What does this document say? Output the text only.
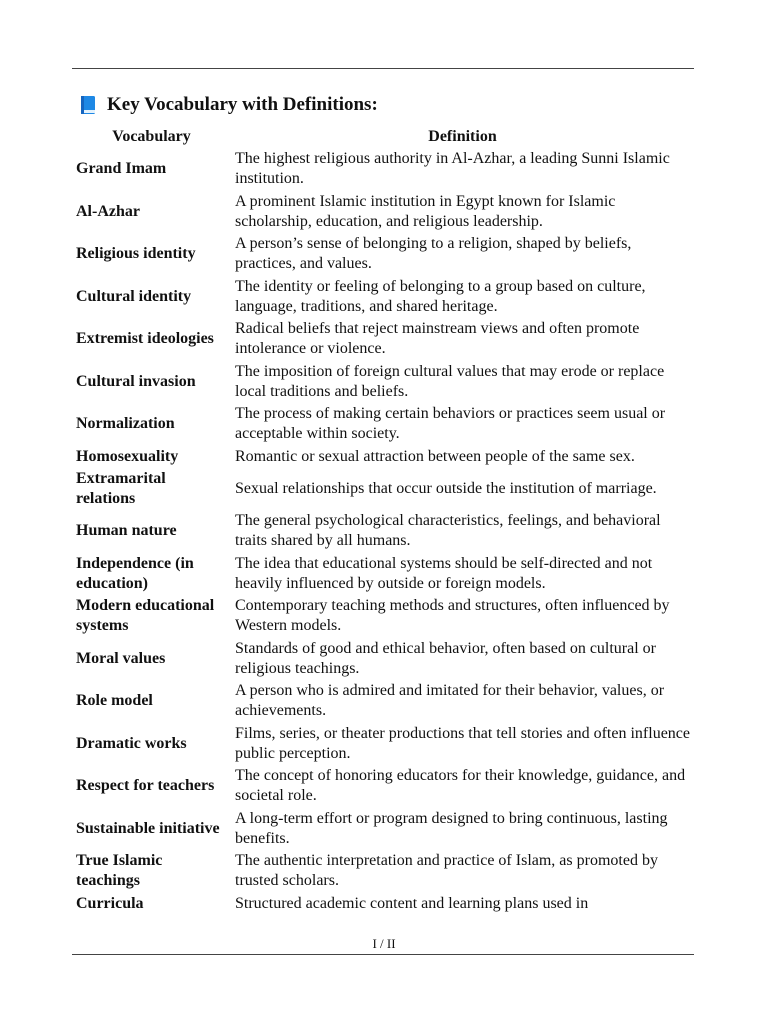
Key Vocabulary with Definitions:
Vocabulary	Definition
Grand Imam	The highest religious authority in Al-Azhar, a leading Sunni Islamic institution.
Al-Azhar	A prominent Islamic institution in Egypt known for Islamic scholarship, education, and religious leadership.
Religious identity	A person’s sense of belonging to a religion, shaped by beliefs, practices, and values.
Cultural identity	The identity or feeling of belonging to a group based on culture, language, traditions, and shared heritage.
Extremist ideologies	Radical beliefs that reject mainstream views and often promote intolerance or violence.
Cultural invasion	The imposition of foreign cultural values that may erode or replace local traditions and beliefs.
Normalization	The process of making certain behaviors or practices seem usual or acceptable within society.
Homosexuality	Romantic or sexual attraction between people of the same sex.
Extramarital relations	Sexual relationships that occur outside the institution of marriage.
Human nature	The general psychological characteristics, feelings, and behavioral traits shared by all humans.
Independence (in education)	The idea that educational systems should be self-directed and not heavily influenced by outside or foreign models.
Modern educational systems	Contemporary teaching methods and structures, often influenced by Western models.
Moral values	Standards of good and ethical behavior, often based on cultural or religious teachings.
Role model	A person who is admired and imitated for their behavior, values, or achievements.
Dramatic works	Films, series, or theater productions that tell stories and often influence public perception.
Respect for teachers	The concept of honoring educators for their knowledge, guidance, and societal role.
Sustainable initiative	A long-term effort or program designed to bring continuous, lasting benefits.
True Islamic teachings	The authentic interpretation and practice of Islam, as promoted by trusted scholars.
Curricula	Structured academic content and learning plans used in
I / II
